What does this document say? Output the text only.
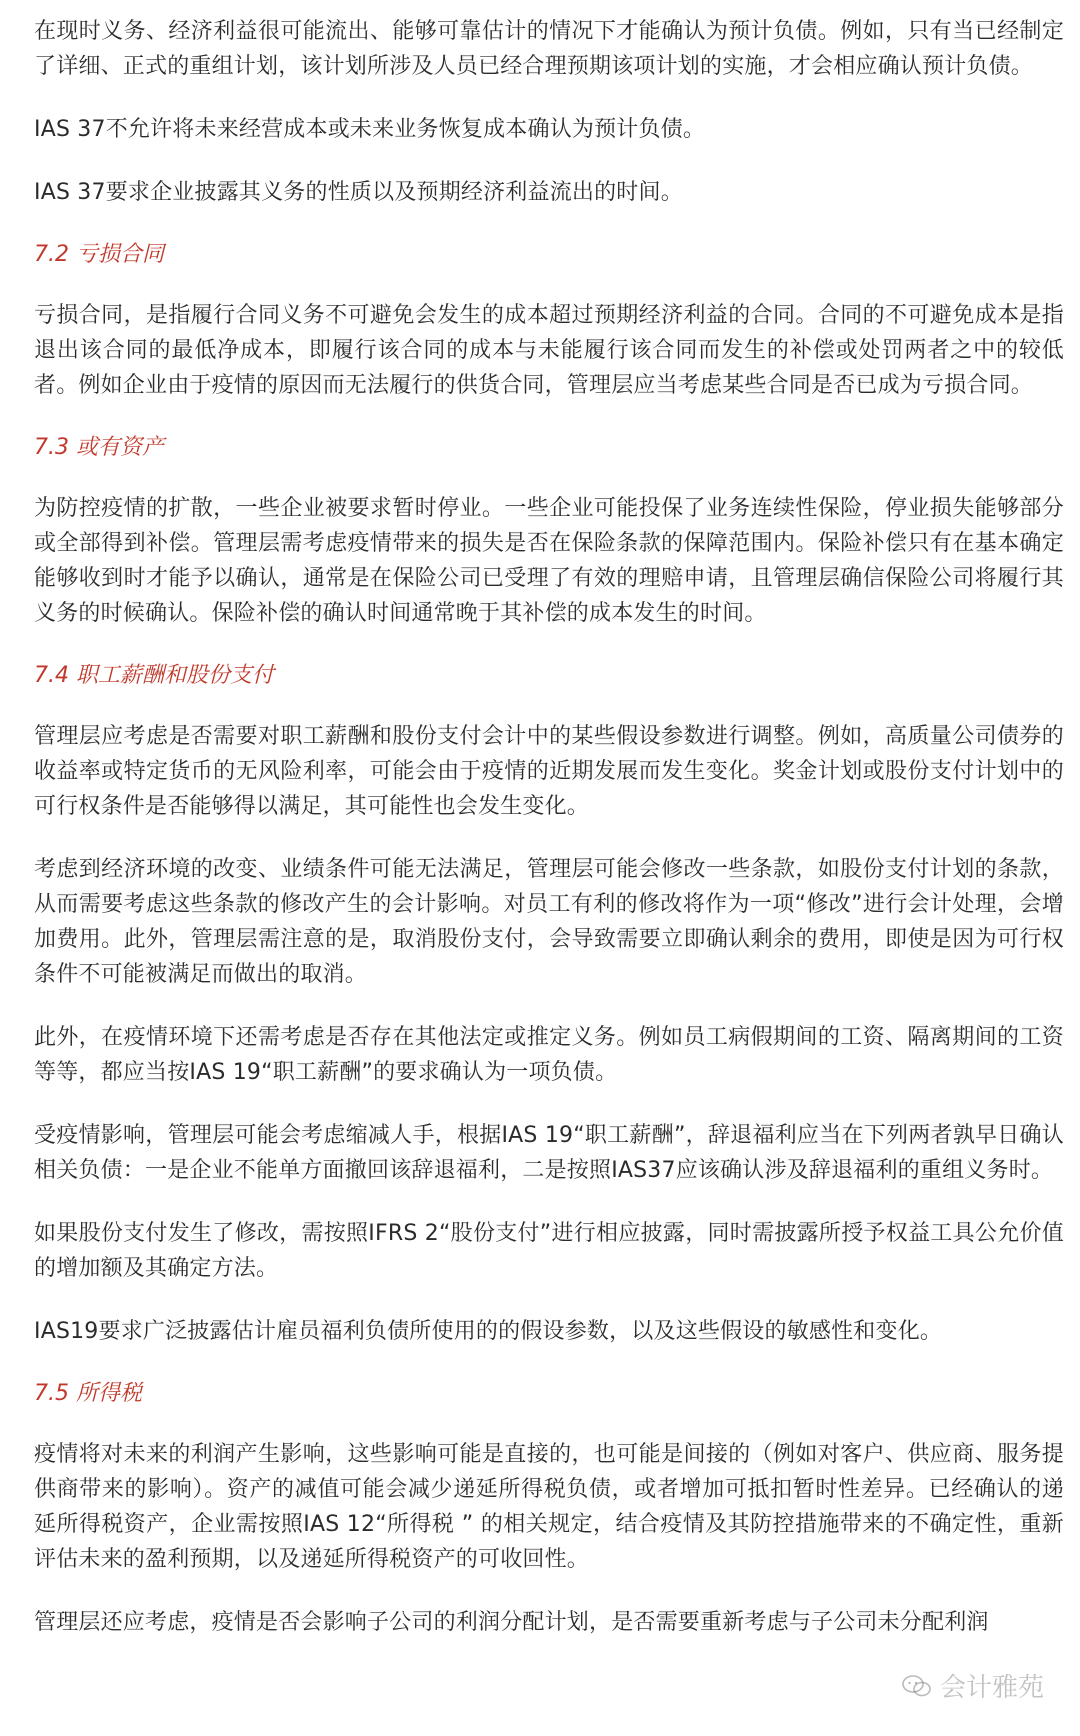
在现时义务、经济利益很可能流出、能够可靠估计的情况下才能确认为预计负债。例如，只有当已经制定了详细、正式的重组计划，该计划所涉及人员已经合理预期该项计划的实施，才会相应确认预计负债。

IAS 37不允许将未来经营成本或未来业务恢复成本确认为预计负债。

IAS 37要求企业披露其义务的性质以及预期经济利益流出的时间。

7.2 亏损合同

亏损合同，是指履行合同义务不可避免会发生的成本超过预期经济利益的合同。合同的不可避免成本是指退出该合同的最低净成本，即履行该合同的成本与未能履行该合同而发生的补偿或处罚两者之中的较低者。例如企业由于疫情的原因而无法履行的供货合同，管理层应当考虑某些合同是否已成为亏损合同。

7.3 或有资产

为防控疫情的扩散，一些企业被要求暂时停业。一些企业可能投保了业务连续性保险，停业损失能够部分或全部得到补偿。管理层需考虑疫情带来的损失是否在保险条款的保障范围内。保险补偿只有在基本确定能够收到时才能予以确认，通常是在保险公司已受理了有效的理赔申请，且管理层确信保险公司将履行其义务的时候确认。保险补偿的确认时间通常晚于其补偿的成本发生的时间。

7.4 职工薪酬和股份支付

管理层应考虑是否需要对职工薪酬和股份支付会计中的某些假设参数进行调整。例如，高质量公司债券的收益率或特定货币的无风险利率，可能会由于疫情的近期发展而发生变化。奖金计划或股份支付计划中的可行权条件是否能够得以满足，其可能性也会发生变化。

考虑到经济环境的改变、业绩条件可能无法满足，管理层可能会修改一些条款，如股份支付计划的条款，从而需要考虑这些条款的修改产生的会计影响。对员工有利的修改将作为一项“修改”进行会计处理，会增加费用。此外，管理层需注意的是，取消股份支付，会导致需要立即确认剩余的费用，即使是因为可行权条件不可能被满足而做出的取消。

此外，在疫情环境下还需考虑是否存在其他法定或推定义务。例如员工病假期间的工资、隔离期间的工资等等，都应当按IAS 19“职工薪酬”的要求确认为一项负债。

受疫情影响，管理层可能会考虑缩减人手，根据IAS 19“职工薪酬”，辞退福利应当在下列两者孰早日确认相关负债：一是企业不能单方面撤回该辞退福利，二是按照IAS37应该确认涉及辞退福利的重组义务时。

如果股份支付发生了修改，需按照IFRS 2“股份支付”进行相应披露，同时需披露所授予权益工具公允价值的增加额及其确定方法。

IAS19要求广泛披露估计雇员福利负债所使用的的假设参数，以及这些假设的敏感性和变化。

7.5 所得税

疫情将对未来的利润产生影响，这些影响可能是直接的，也可能是间接的（例如对客户、供应商、服务提供商带来的影响）。资产的减值可能会减少递延所得税负债，或者增加可抵扣暂时性差异。已经确认的递延所得税资产，企业需按照IAS 12“所得税 ” 的相关规定，结合疫情及其防控措施带来的不确定性，重新评估未来的盈利预期，以及递延所得税资产的可收回性。

管理层还应考虑，疫情是否会影响子公司的利润分配计划，是否需要重新考虑与子公司未分配利润

会计雅苑
